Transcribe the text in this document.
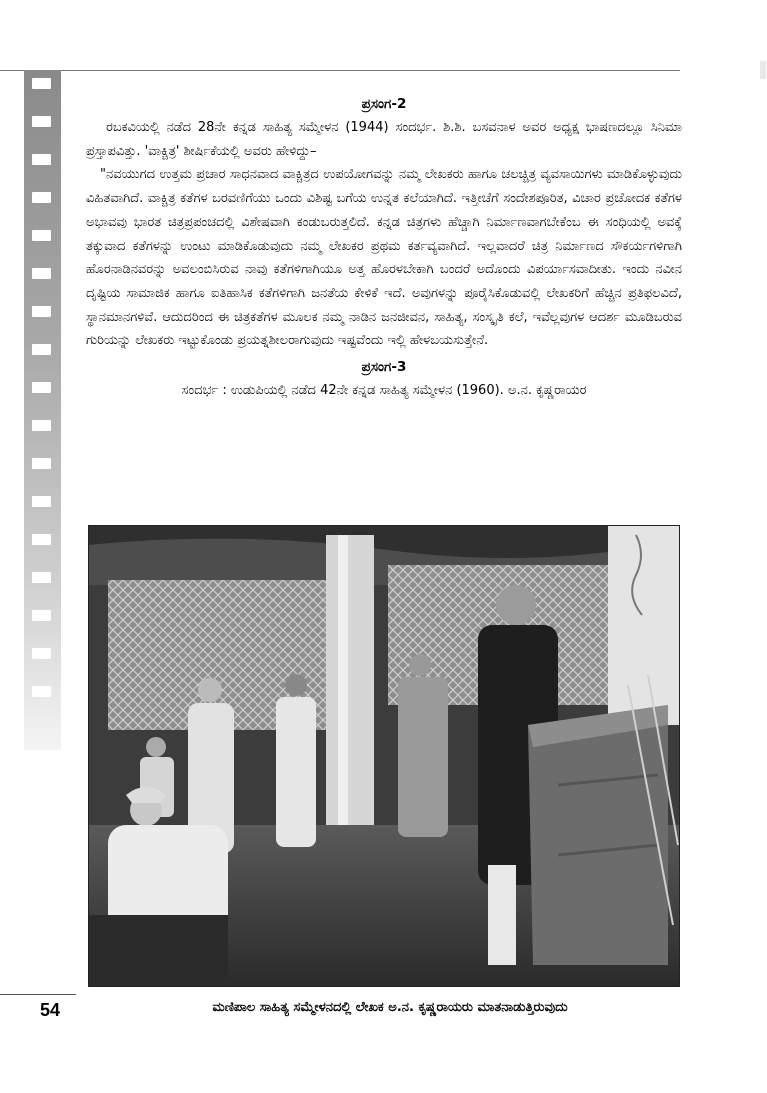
ಪ್ರಸಂಗ-2

ರಬಕವಿಯಲ್ಲಿ ನಡೆದ 28ನೇ ಕನ್ನಡ ಸಾಹಿತ್ಯ ಸಮ್ಮೇಳನ (1944) ಸಂದರ್ಭ. ಶಿ.ಶಿ. ಬಸವನಾಳ ಅವರ ಅಧ್ಯಕ್ಷ ಭಾಷಣದಲ್ಲೂ ಸಿನಿಮಾ ಪ್ರಸ್ತಾಪವಿತ್ತು. 'ವಾಕ್ಚಿತ್ರ' ಶೀರ್ಷಿಕೆಯಲ್ಲಿ ಅವರು ಹೇಳಿದ್ದು–

"ನವಯುಗದ ಉತ್ತಮ ಪ್ರಚಾರ ಸಾಧನವಾದ ವಾಕ್ಚಿತ್ರದ ಉಪಯೋಗವನ್ನು ನಮ್ಮ ಲೇಖಕರು ಹಾಗೂ ಚಲಚ್ಚಿತ್ರ ವ್ಯವಸಾಯಿಗಳು ಮಾಡಿಕೊಳ್ಳುವುದು ವಿಹಿತವಾಗಿದೆ. ವಾಕ್ಚಿತ್ರ ಕತೆಗಳ ಬರವಣಿಗೆಯು ಒಂದು ವಿಶಿಷ್ಟ ಬಗೆಯ ಉನ್ನತ ಕಲೆಯಾಗಿದೆ. ಇತ್ತೀಚೆಗೆ ಸಂದೇಶಪೂರಿತ, ವಿಚಾರ ಪ್ರಚೋದಕ ಕತೆಗಳ ಅಭಾವವು ಭಾರತ ಚಿತ್ರಪ್ರಪಂಚದಲ್ಲಿ ವಿಶೇಷವಾಗಿ ಕಂಡುಬರುತ್ತಲಿದೆ. ಕನ್ನಡ ಚಿತ್ರಗಳು ಹೆಚ್ಚಾಗಿ ನಿರ್ಮಾಣವಾಗಬೇಕೆಂಬ ಈ ಸಂಧಿಯಲ್ಲಿ ಅವಕ್ಕೆ ತಕ್ಕುವಾದ ಕತೆಗಳನ್ನು ಉಂಟು ಮಾಡಿಕೊಡುವುದು ನಮ್ಮ ಲೇಖಕರ ಪ್ರಥಮ ಕರ್ತವ್ಯವಾಗಿದೆ. ಇಲ್ಲವಾದರೆ ಚಿತ್ರ ನಿರ್ಮಾಣದ ಸೌಕರ್ಯಗಳಿಗಾಗಿ ಹೊರನಾಡಿನವರನ್ನು ಅವಲಂಬಿಸಿರುವ ನಾವು ಕತೆಗಳಿಗಾಗಿಯೂ ಅತ್ತ ಹೊರಳಬೇಕಾಗಿ ಬಂದರೆ ಅದೊಂದು ವಿಪರ್ಯಾಸವಾದೀತು. ಇಂದು ನವೀನ ದೃಷ್ಟಿಯ ಸಾಮಾಜಿಕ ಹಾಗೂ ಐತಿಹಾಸಿಕ ಕತೆಗಳಿಗಾಗಿ ಜನತೆಯ ಕೇಳಿಕೆ ಇದೆ. ಅವುಗಳನ್ನು ಪೂರೈಸಿಕೊಡುವಲ್ಲಿ ಲೇಖಕರಿಗೆ ಹೆಚ್ಚಿನ ಪ್ರತಿಫಲವಿದೆ, ಸ್ಥಾನಮಾನಗಳಿವೆ. ಆದುದರಿಂದ ಈ ಚಿತ್ರಕತೆಗಳ ಮೂಲಕ ನಮ್ಮ ನಾಡಿನ ಜನಜೀವನ, ಸಾಹಿತ್ಯ, ಸಂಸ್ಕೃತಿ ಕಲೆ, ಇವೆಲ್ಲವುಗಳ ಆದರ್ಶ ಮೂಡಿಬರುವ ಗುರಿಯನ್ನು ಲೇಖಕರು ಇಟ್ಟುಕೊಂಡು ಪ್ರಯತ್ನಶೀಲರಾಗುವುದು ಇಷ್ಟವೆಂದು ಇಲ್ಲಿ ಹೇಳಬಯಸುತ್ತೇನೆ.

ಪ್ರಸಂಗ-3
ಸಂದರ್ಭ : ಉಡುಪಿಯಲ್ಲಿ ನಡೆದ 42ನೇ ಕನ್ನಡ ಸಾಹಿತ್ಯ ಸಮ್ಮೇಳನ (1960). ಅ.ನ. ಕೃಷ್ಣರಾಯರ
54	ಮಣಿಪಾಲ ಸಾಹಿತ್ಯ ಸಮ್ಮೇಳನದಲ್ಲಿ ಲೇಖಕ ಅ.ನ. ಕೃಷ್ಣರಾಯರು ಮಾತನಾಡುತ್ತಿರುವುದು
